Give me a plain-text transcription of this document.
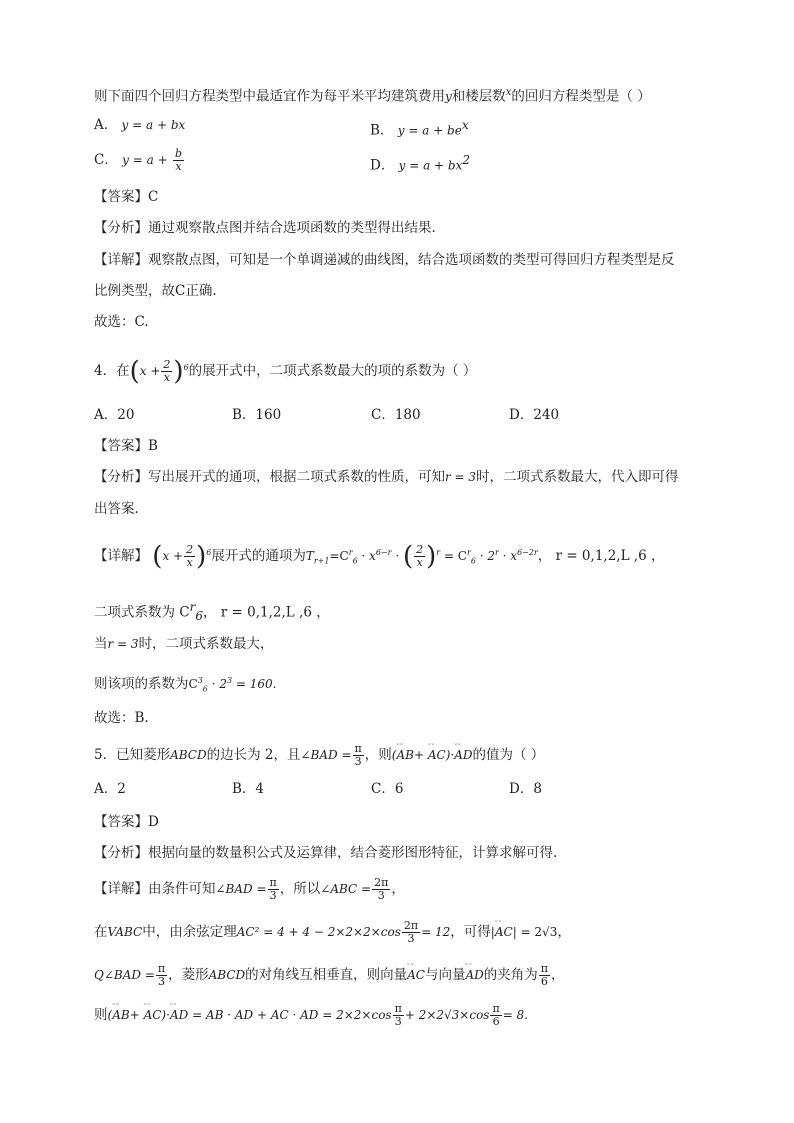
则下面四个回归方程类型中最适宜作为每平米平均建筑费用y和楼层数$^x$的回归方程类型是（ ）
A． y = a + bx	B． $y = a + be^x$
C． $y = a + \frac{b}{x}$	D． $y = a + bx^2$
【答案】C
【分析】通过观察散点图并结合选项函数的类型得出结果.
【详解】观察散点图，可知是一个单调递减的曲线图，结合选项函数的类型可得回归方程类型是反
比例类型，故C正确.
故选：C.
4．在$(x + \frac{2}{x} )^6$的展开式中，二项式系数最大的项的系数为（ ）
A．20	B．160	C．180	D．240
【答案】B
【分析】写出展开式的通项，根据二项式系数的性质，可知r = 3时，二项式系数最大，代入即可得
出答案.
【详解】 $(x + \frac{2}{x} )^6$展开式的通项为$T_{r+1}=C^r_6 \cdot x^{6-r}$ · ( $\frac{2}{x} )^r = C^r_6 \cdot 2^r \cdot x^{6-2r}$， r = 0,1,2,L ,6 ，
二项式系数为 $C^r_6$， r = 0,1,2,L ,6 ，
当r = 3时，二项式系数最大，
则该项的系数为$C^3_6 \cdot 2^3 = 160$.
故选：B.
5．已知菱形ABCD的边长为 2，且∠BAD = $\frac{\pi}{3}$ ，则(ᵕᵕ AB+ ᵕᵕ AC)·ᵕᵕ AD的值为（ ）
A．2	B．4	C．6	D．8
【答案】D
【分析】根据向量的数量积公式及运算律，结合菱形图形特征，计算求解可得.
【详解】由条件可知∠BAD = $\frac{\pi}{3}$ ，所以∠ABC = $\frac{2\pi}{3}$ ，
在VABC中，由余弦定理$AC^2 = 4 + 4 - 2\times 2\times 2\times\cos \frac{2\pi}{3} = 12$，可得|ᵕᵕ AC| = 2√3，
Q∠BAD = $\frac{\pi}{3}$ ，菱形ABCD的对角线互相垂直，则向量ᵕᵕ AC与向量ᵕᵕ AD的夹角为 $\frac{\pi}{6}$ ，
则(ᵕᵕ AB+ ᵕᵕ AC)·ᵕᵕ AD = AB · AD + AC · AD = $2\times 2\times\cos \frac{\pi}{3} + 2\times 2√3\times\cos \frac{\pi}{6} = 8$.
